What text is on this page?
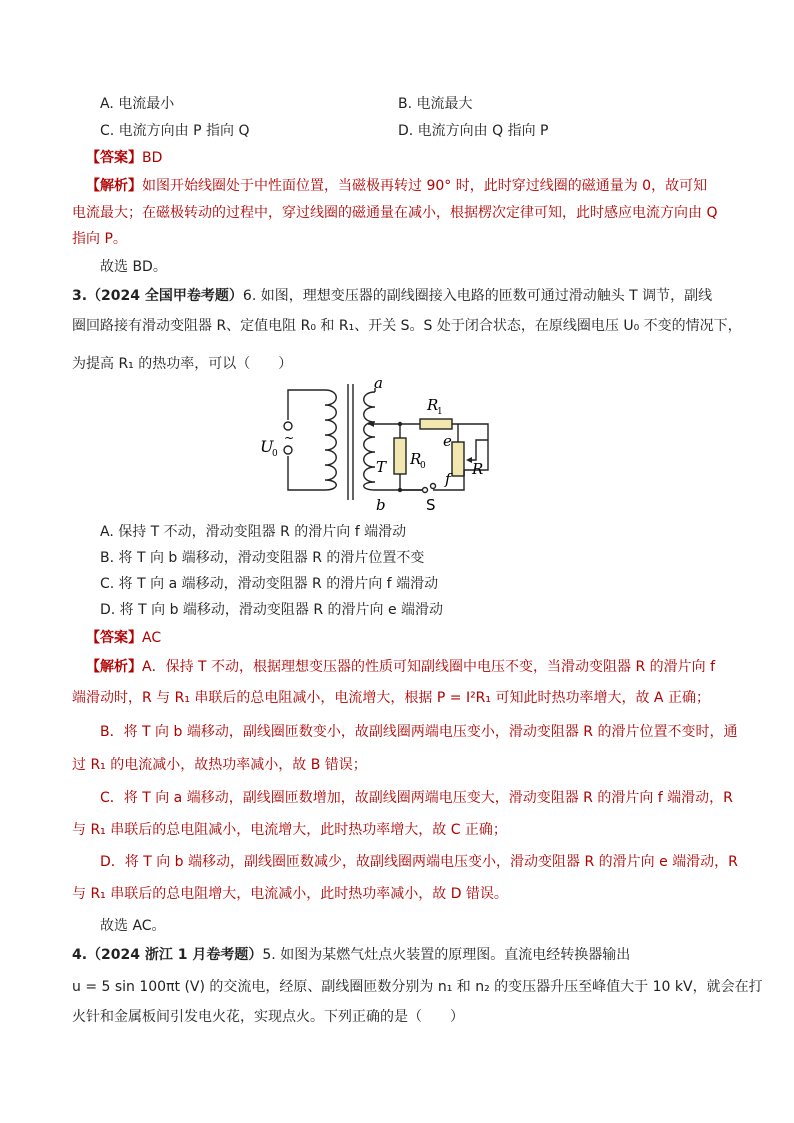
A. 电流最小	B. 电流最大
C. 电流方向由 P 指向 Q	D. 电流方向由 Q 指向 P
【答案】BD
【解析】如图开始线圈处于中性面位置，当磁极再转过 90° 时，此时穿过线圈的磁通量为 0，故可知
电流最大；在磁极转动的过程中，穿过线圈的磁通量在减小，根据楞次定律可知，此时感应电流方向由 Q
指向 P。
故选 BD。
3.（2024 全国甲卷考题）6. 如图，理想变压器的副线圈接入电路的匝数可通过滑动触头 T 调节，副线
圈回路接有滑动变阻器 R、定值电阻 R₀ 和 R₁、开关 S。S 处于闭合状态，在原线圈电压 U₀ 不变的情况下，
为提高 R₁ 的热功率，可以（　　）
U
0
~
a
b
T
R
1
R
0	R
e
f
S
A. 保持 T 不动，滑动变阻器 R 的滑片向 f 端滑动
B. 将 T 向 b 端移动，滑动变阻器 R 的滑片位置不变
C. 将 T 向 a 端移动，滑动变阻器 R 的滑片向 f 端滑动
D. 将 T 向 b 端移动，滑动变阻器 R 的滑片向 e 端滑动
【答案】AC
【解析】A．保持 T 不动，根据理想变压器的性质可知副线圈中电压不变，当滑动变阻器 R 的滑片向 f
端滑动时，R 与 R₁ 串联后的总电阻减小，电流增大，根据 P = I²R₁ 可知此时热功率增大，故 A 正确；
B．将 T 向 b 端移动，副线圈匝数变小，故副线圈两端电压变小，滑动变阻器 R 的滑片位置不变时，通
过 R₁ 的电流减小，故热功率减小，故 B 错误；
C．将 T 向 a 端移动，副线圈匝数增加，故副线圈两端电压变大，滑动变阻器 R 的滑片向 f 端滑动，R
与 R₁ 串联后的总电阻减小，电流增大，此时热功率增大，故 C 正确；
D．将 T 向 b 端移动，副线圈匝数减少，故副线圈两端电压变小，滑动变阻器 R 的滑片向 e 端滑动，R
与 R₁ 串联后的总电阻增大，电流减小，此时热功率减小，故 D 错误。
故选 AC。
4.（2024 浙江 1 月卷考题）5. 如图为某燃气灶点火装置的原理图。直流电经转换器输出
u = 5 sin 100πt (V) 的交流电，经原、副线圈匝数分别为 n₁ 和 n₂ 的变压器升压至峰值大于 10 kV，就会在打
火针和金属板间引发电火花，实现点火。下列正确的是（　　）
